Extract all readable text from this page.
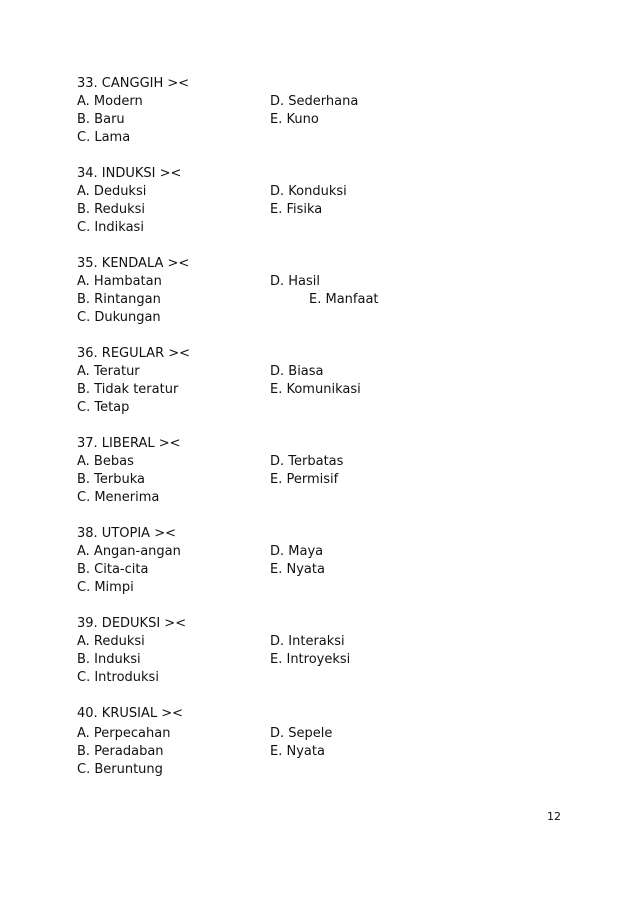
33. CANGGIH ><
A. Modern
B. Baru
C. Lama
D. Sederhana
E. Kuno
34. INDUKSI ><
A. Deduksi
B. Reduksi
C. Indikasi
D. Konduksi
E. Fisika
35. KENDALA ><
A. Hambatan
B. Rintangan
C. Dukungan
D. Hasil
E. Manfaat
36. REGULAR ><
A. Teratur
B. Tidak teratur
C. Tetap
D. Biasa
E. Komunikasi
37. LIBERAL ><
A. Bebas
B. Terbuka
C. Menerima
D. Terbatas
E. Permisif
38. UTOPIA ><
A. Angan-angan
B. Cita-cita
C. Mimpi
D. Maya
E. Nyata
39. DEDUKSI ><
A. Reduksi
B. Induksi
C. Introduksi
D. Interaksi
E. Introyeksi
40. KRUSIAL ><
A. Perpecahan
B. Peradaban
C. Beruntung
D. Sepele
E. Nyata
12
